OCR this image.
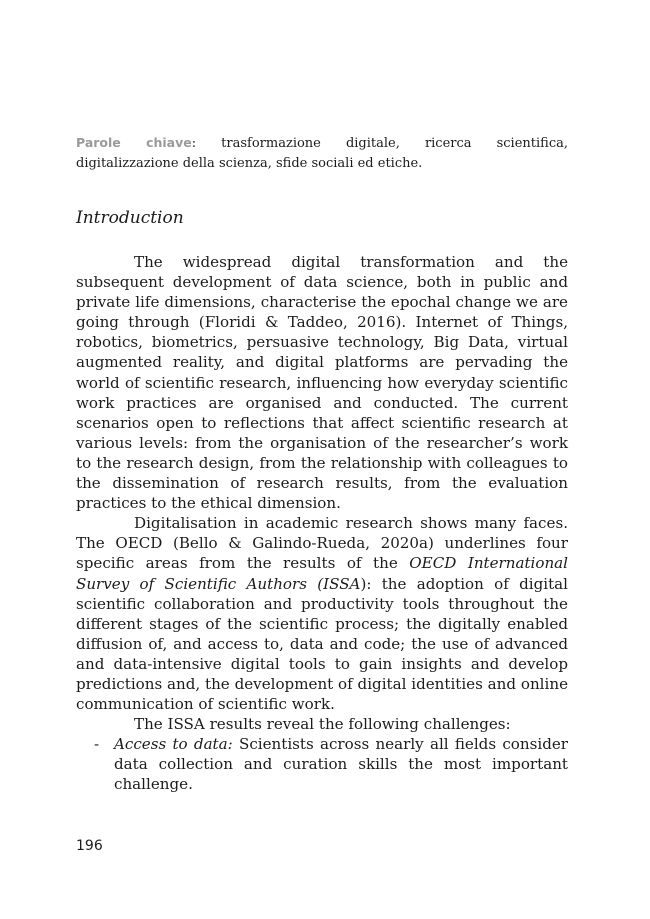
Parole chiave: trasformazione digitale, ricerca scientifica, digitalizzazione della scienza, sfide sociali ed etiche.
Introduction

The widespread digital transformation and the subsequent development of data science, both in public and private life dimensions, characterise the epochal change we are going through (Floridi & Taddeo, 2016). Internet of Things, robotics, biometrics, persuasive technology, Big Data, virtual augmented reality, and digital platforms are pervading the world of scientific research, influencing how everyday scientific work practices are organised and conducted. The current scenarios open to reflections that affect scientific research at various levels: from the organisation of the researcher’s work to the research design, from the relationship with colleagues to the dissemination of research results, from the evaluation practices to the ethical dimension.

Digitalisation in academic research shows many faces. The OECD (Bello & Galindo-Rueda, 2020a) underlines four specific areas from the results of the OECD International Survey of Scientific Authors (ISSA): the adoption of digital scientific collaboration and productivity tools throughout the different stages of the scientific process; the digitally enabled diffusion of, and access to, data and code; the use of advanced and data-intensive digital tools to gain insights and develop predictions and, the development of digital identities and online communication of scientific work.

The ISSA results reveal the following challenges:

- Access to data: Scientists across nearly all fields consider data collection and curation skills the most important challenge.
196
